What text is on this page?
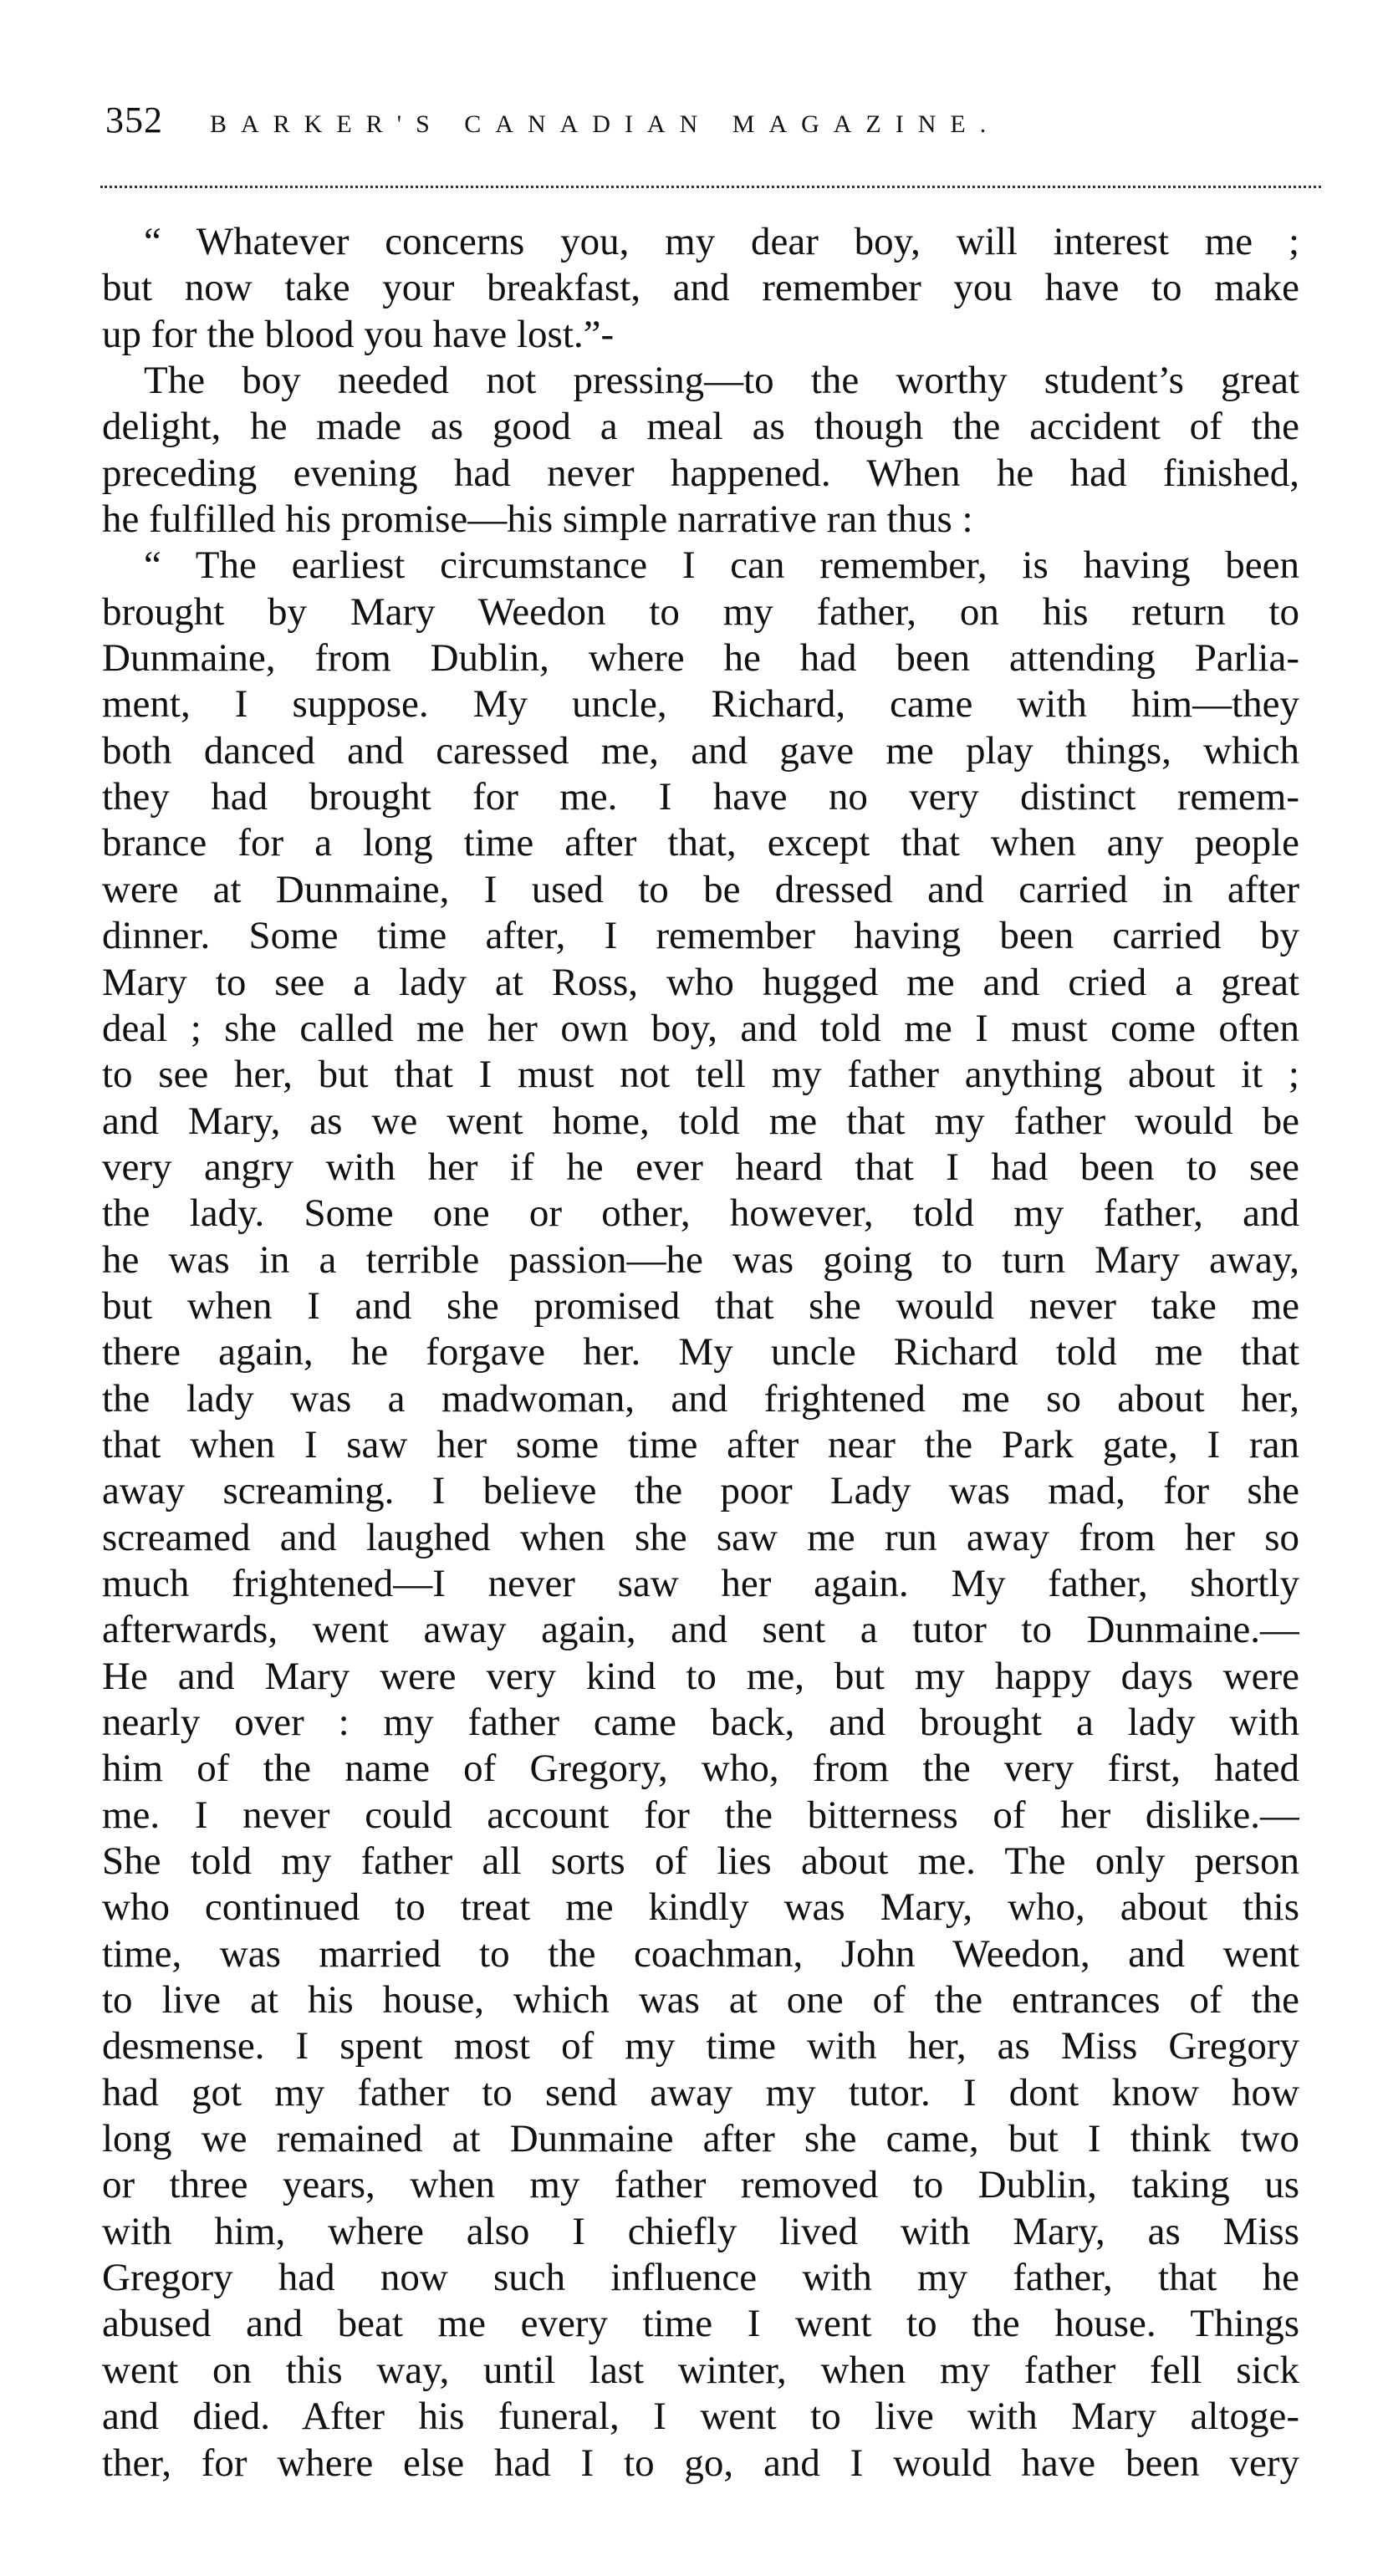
352 BARKER'S CANADIAN MAGAZINE.
“ Whatever concerns you, my dear boy, will interest me ;
but now take your breakfast, and remember you have to make
up for the blood you have lost.”-
The boy needed not pressing—to the worthy student’s great
delight, he made as good a meal as though the accident of the
preceding evening had never happened. When he had finished,
he fulfilled his promise—his simple narrative ran thus :
“ The earliest circumstance I can remember, is having been
brought by Mary Weedon to my father, on his return to
Dunmaine, from Dublin, where he had been attending Parlia-
ment, I suppose. My uncle, Richard, came with him—they
both danced and caressed me, and gave me play things, which
they had brought for me. I have no very distinct remem-
brance for a long time after that, except that when any people
were at Dunmaine, I used to be dressed and carried in after
dinner. Some time after, I remember having been carried by
Mary to see a lady at Ross, who hugged me and cried a great
deal ; she called me her own boy, and told me I must come often
to see her, but that I must not tell my father anything about it ;
and Mary, as we went home, told me that my father would be
very angry with her if he ever heard that I had been to see
the lady. Some one or other, however, told my father, and
he was in a terrible passion—he was going to turn Mary away,
but when I and she promised that she would never take me
there again, he forgave her. My uncle Richard told me that
the lady was a madwoman, and frightened me so about her,
that when I saw her some time after near the Park gate, I ran
away screaming. I believe the poor Lady was mad, for she
screamed and laughed when she saw me run away from her so
much frightened—I never saw her again. My father, shortly
afterwards, went away again, and sent a tutor to Dunmaine.—
He and Mary were very kind to me, but my happy days were
nearly over : my father came back, and brought a lady with
him of the name of Gregory, who, from the very first, hated
me. I never could account for the bitterness of her dislike.—
She told my father all sorts of lies about me. The only person
who continued to treat me kindly was Mary, who, about this
time, was married to the coachman, John Weedon, and went
to live at his house, which was at one of the entrances of the
desmense. I spent most of my time with her, as Miss Gregory
had got my father to send away my tutor. I dont know how
long we remained at Dunmaine after she came, but I think two
or three years, when my father removed to Dublin, taking us
with him, where also I chiefly lived with Mary, as Miss
Gregory had now such influence with my father, that he
abused and beat me every time I went to the house. Things
went on this way, until last winter, when my father fell sick
and died. After his funeral, I went to live with Mary altoge-
ther, for where else had I to go, and I would have been very
